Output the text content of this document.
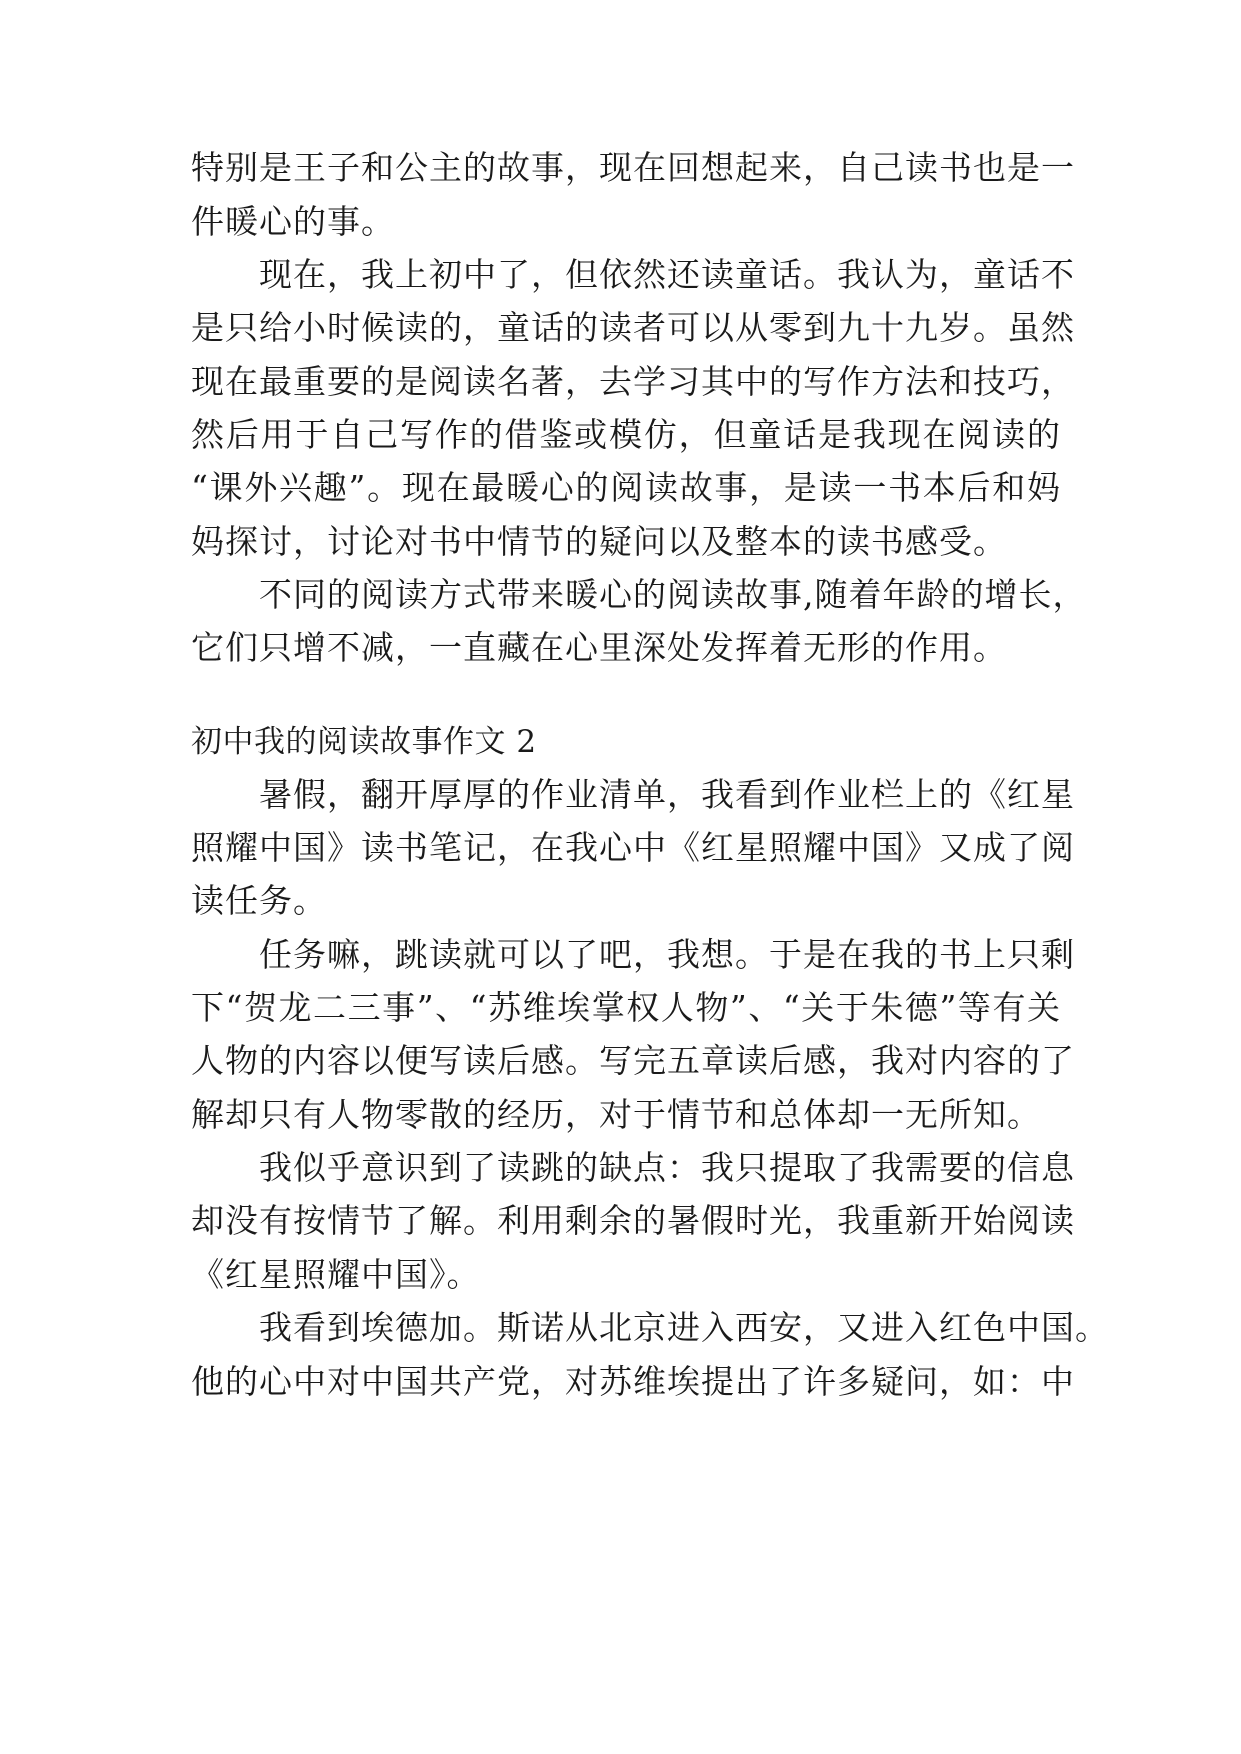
特别是王子和公主的故事，现在回想起来，自己读书也是一
件暖心的事。
　　现在，我上初中了，但依然还读童话。我认为，童话不
是只给小时候读的，童话的读者可以从零到九十九岁。虽然
现在最重要的是阅读名著，去学习其中的写作方法和技巧，
然后用于自己写作的借鉴或模仿，但童话是我现在阅读的
“课外兴趣”。现在最暖心的阅读故事，是读一书本后和妈
妈探讨，讨论对书中情节的疑问以及整本的读书感受。
　　不同的阅读方式带来暖心的阅读故事,随着年龄的增长，
它们只增不减，一直藏在心里深处发挥着无形的作用。
初中我的阅读故事作文 2
　　暑假，翻开厚厚的作业清单，我看到作业栏上的《红星
照耀中国》读书笔记，在我心中《红星照耀中国》又成了阅
读任务。
　　任务嘛，跳读就可以了吧，我想。于是在我的书上只剩
下“贺龙二三事”、“苏维埃掌权人物”、“关于朱德”等有关
人物的内容以便写读后感。写完五章读后感，我对内容的了
解却只有人物零散的经历，对于情节和总体却一无所知。
　　我似乎意识到了读跳的缺点：我只提取了我需要的信息
却没有按情节了解。利用剩余的暑假时光，我重新开始阅读
《红星照耀中国》。
　　我看到埃德加。斯诺从北京进入西安，又进入红色中国。
他的心中对中国共产党，对苏维埃提出了许多疑问，如：中
